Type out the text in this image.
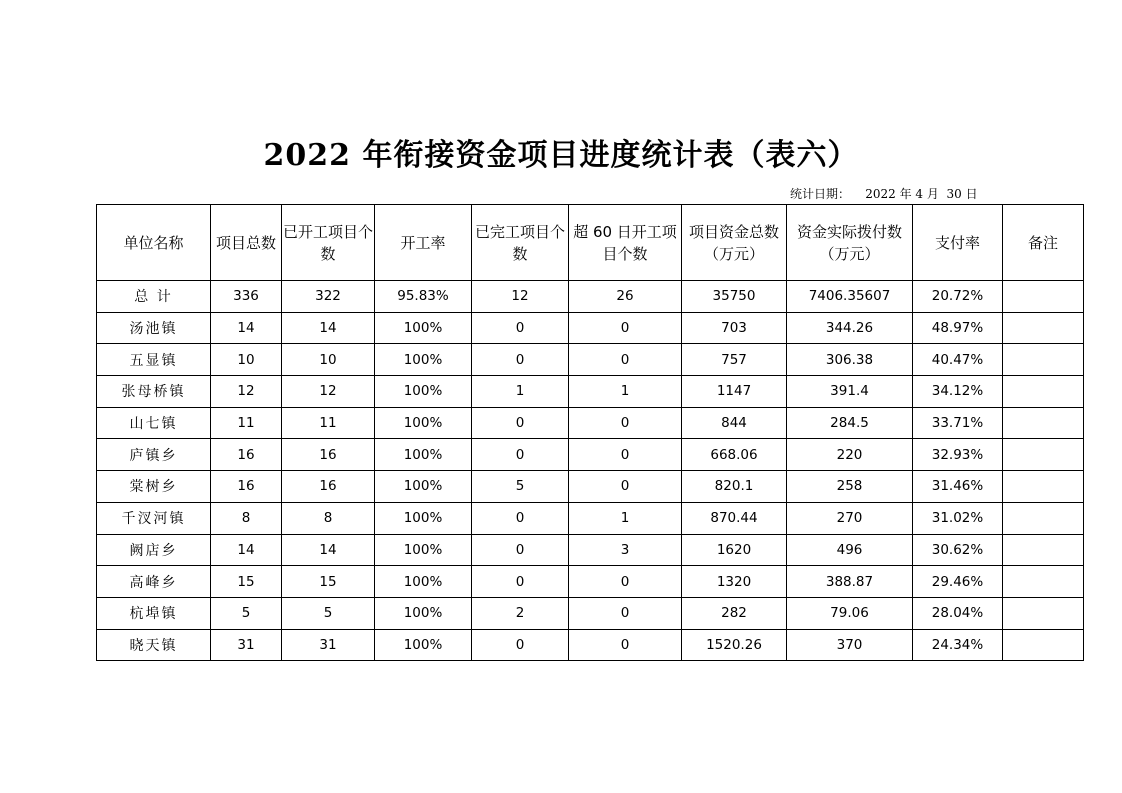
2022 年衔接资金项目进度统计表（表六）
统计日期：    2022 年 4 月  30 日
单位名称	项目总数	已开工项目个数	开工率	已完工项目个数	超 60 日开工项目个数	项目资金总数（万元）	资金实际拨付数（万元）	支付率	备注
总 计	336	322	95.83%	12	26	35750	7406.35607	20.72%	
汤池镇	14	14	100%	0	0	703	344.26	48.97%	
五显镇	10	10	100%	0	0	757	306.38	40.47%	
张母桥镇	12	12	100%	1	1	1147	391.4	34.12%	
山七镇	11	11	100%	0	0	844	284.5	33.71%	
庐镇乡	16	16	100%	0	0	668.06	220	32.93%	
棠树乡	16	16	100%	5	0	820.1	258	31.46%	
千汊河镇	8	8	100%	0	1	870.44	270	31.02%	
阙店乡	14	14	100%	0	3	1620	496	30.62%	
高峰乡	15	15	100%	0	0	1320	388.87	29.46%	
杭埠镇	5	5	100%	2	0	282	79.06	28.04%	
晓天镇	31	31	100%	0	0	1520.26	370	24.34%	
